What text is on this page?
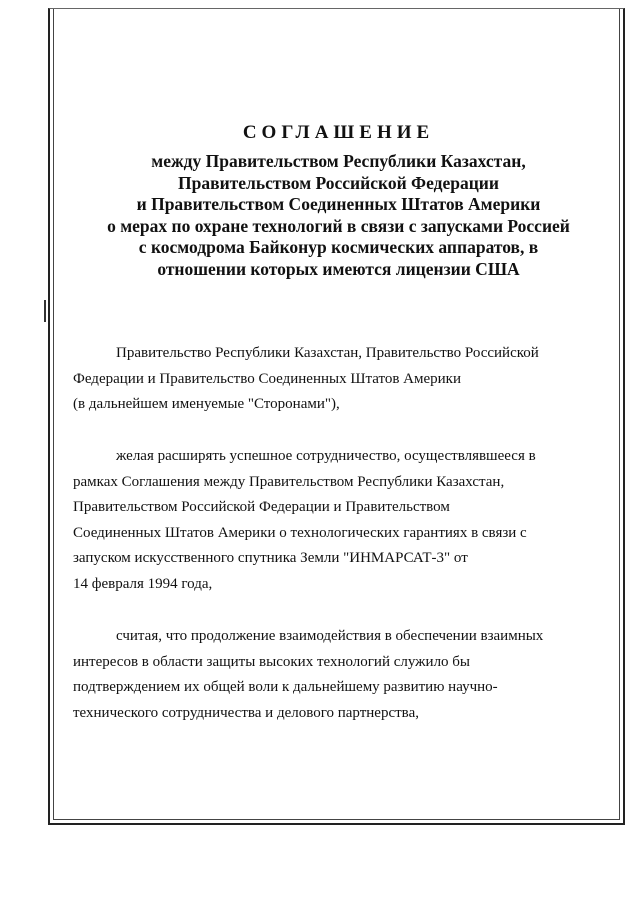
СОГЛАШЕНИЕ
между Правительством Республики Казахстан,
Правительством Российской Федерации
и Правительством Соединенных Штатов Америки
о мерах по охране технологий в связи с запусками Россией
с космодрома Байконур космических аппаратов, в
отношении которых имеются лицензии США
Правительство Республики Казахстан, Правительство Российской
Федерации и Правительство Соединенных Штатов Америки
(в дальнейшем именуемые "Сторонами"),
желая расширять успешное сотрудничество, осуществлявшееся в
рамках Соглашения между Правительством Республики Казахстан,
Правительством Российской Федерации и Правительством
Соединенных Штатов Америки о технологических гарантиях в связи с
запуском искусственного спутника Земли "ИНМАРСАТ-3" от
14 февраля 1994 года,
считая, что продолжение взаимодействия в обеспечении взаимных
интересов в области защиты высоких технологий служило бы
подтверждением их общей воли к дальнейшему развитию научно-
технического сотрудничества и делового партнерства,
